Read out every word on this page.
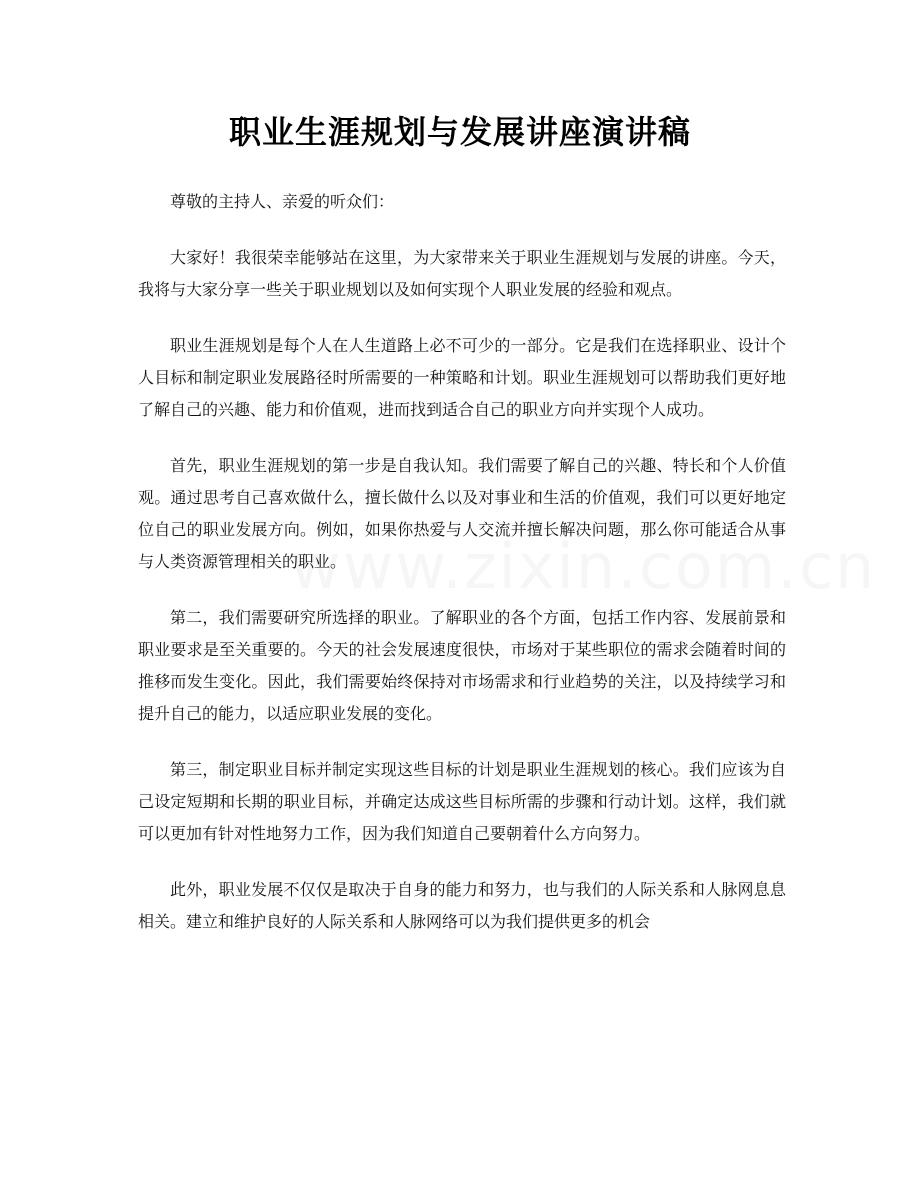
职业生涯规划与发展讲座演讲稿

尊敬的主持人、亲爱的听众们：

大家好！我很荣幸能够站在这里，为大家带来关于职业生涯规划与发展的讲座。今天，我将与大家分享一些关于职业规划以及如何实现个人职业发展的经验和观点。

职业生涯规划是每个人在人生道路上必不可少的一部分。它是我们在选择职业、设计个人目标和制定职业发展路径时所需要的一种策略和计划。职业生涯规划可以帮助我们更好地了解自己的兴趣、能力和价值观，进而找到适合自己的职业方向并实现个人成功。

首先，职业生涯规划的第一步是自我认知。我们需要了解自己的兴趣、特长和个人价值观。通过思考自己喜欢做什么，擅长做什么以及对事业和生活的价值观，我们可以更好地定位自己的职业发展方向。例如，如果你热爱与人交流并擅长解决问题，那么你可能适合从事与人类资源管理相关的职业。

第二，我们需要研究所选择的职业。了解职业的各个方面，包括工作内容、发展前景和职业要求是至关重要的。今天的社会发展速度很快，市场对于某些职位的需求会随着时间的推移而发生变化。因此，我们需要始终保持对市场需求和行业趋势的关注，以及持续学习和提升自己的能力，以适应职业发展的变化。

第三，制定职业目标并制定实现这些目标的计划是职业生涯规划的核心。我们应该为自己设定短期和长期的职业目标，并确定达成这些目标所需的步骤和行动计划。这样，我们就可以更加有针对性地努力工作，因为我们知道自己要朝着什么方向努力。

此外，职业发展不仅仅是取决于自身的能力和努力，也与我们的人际关系和人脉网息息相关。建立和维护良好的人际关系和人脉网络可以为我们提供更多的机会
